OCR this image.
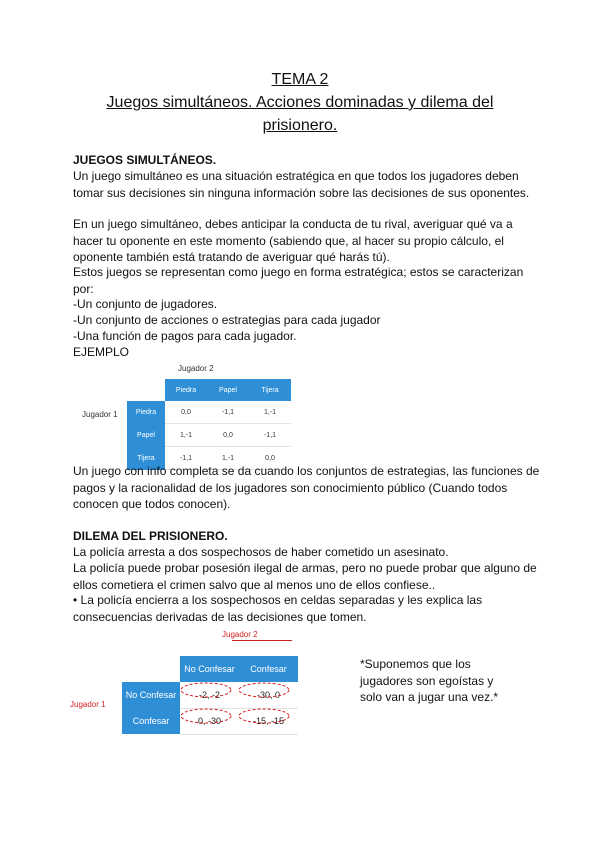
TEMA 2
Juegos simultáneos. Acciones dominadas y dilema del
prisionero.

JUEGOS SIMULTÁNEOS.

Un juego simultáneo es una situación estratégica en que todos los jugadores deben tomar sus decisiones sin ninguna información sobre las decisiones de sus oponentes.

En un juego simultáneo, debes anticipar la conducta de tu rival, averiguar qué va a hacer tu oponente en este momento (sabiendo que, al hacer su propio cálculo, el oponente también está tratando de averiguar qué harás tú).

Estos juegos se representan como juego en forma estratégica; estos se caracterizan por:

-Un conjunto de jugadores.

-Un conjunto de acciones o estrategias para cada jugador

-Una función de pagos para cada jugador.

EJEMPLO

Jugador 2
Jugador 1
	Piedra	Papel	Tijera
Piedra	0,0	-1,1	1,-1
Papel	1,-1	0,0	-1,1
Tijera	-1,1	1,-1	0,0

Un juego con info completa se da cuando los conjuntos de estrategias, las funciones de pagos y la racionalidad de los jugadores son conocimiento público (Cuando todos conocen que todos conocen).

DILEMA DEL PRISIONERO.

La policía arresta a dos sospechosos de haber cometido un asesinato.

La policía puede probar posesión ilegal de armas, pero no puede probar que alguno de ellos cometiera el crimen salvo que al menos uno de ellos confiese..

• La policía encierra a los sospechosos en celdas separadas y les explica las consecuencias derivadas de las decisiones que tomen.

Jugador 2
Jugador 1
	No Confesar	Confesar
No Confesar	-2, -2	-30, 0
Confesar	0, -30	-15, -15

*Suponemos que los jugadores son egoístas y solo van a jugar una vez.*
